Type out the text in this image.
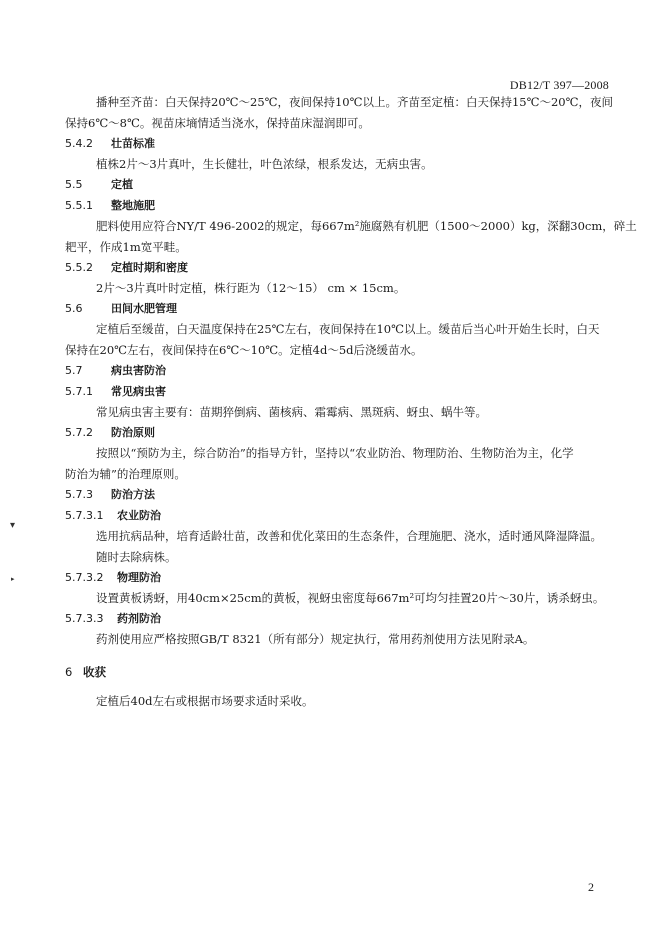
DB12/T 397—2008
播种至齐苗：白天保持20℃～25℃，夜间保持10℃以上。齐苗至定植：白天保持15℃～20℃，夜间
保持6℃～8℃。视苗床墒情适当浇水，保持苗床湿润即可。
5.4.2 壮苗标准
植株2片～3片真叶，生长健壮，叶色浓绿，根系发达，无病虫害。
5.5	定植
5.5.1 整地施肥
肥料使用应符合NY/T 496-2002的规定，每667m²施腐熟有机肥（1500～2000）kg，深翻30cm，碎土
耙平，作成1m宽平畦。
5.5.2 定植时期和密度
2片～3片真叶时定植，株行距为（12～15） cm × 15cm。
5.6	田间水肥管理
定植后至缓苗，白天温度保持在25℃左右，夜间保持在10℃以上。缓苗后当心叶开始生长时，白天
保持在20℃左右，夜间保持在6℃～10℃。定植4d～5d后浇缓苗水。
5.7	病虫害防治
5.7.1 常见病虫害
常见病虫害主要有：苗期猝倒病、菌核病、霜霉病、黑斑病、蚜虫、蜗牛等。
5.7.2 防治原则
按照以“预防为主，综合防治”的指导方针，坚持以“农业防治、物理防治、生物防治为主，化学
防治为辅”的治理原则。
5.7.3 防治方法
5.7.3.1 农业防治
选用抗病品种，培育适龄壮苗，改善和优化菜田的生态条件，合理施肥、浇水，适时通风降湿降温。
随时去除病株。
5.7.3.2 物理防治
设置黄板诱蚜，用40cm×25cm的黄板，视蚜虫密度每667m²可均匀挂置20片～30片，诱杀蚜虫。
5.7.3.3 药剂防治
药剂使用应严格按照GB/T 8321（所有部分）规定执行，常用药剂使用方法见附录A。
6 收获
定植后40d左右或根据市场要求适时采收。
▾
▸
2
